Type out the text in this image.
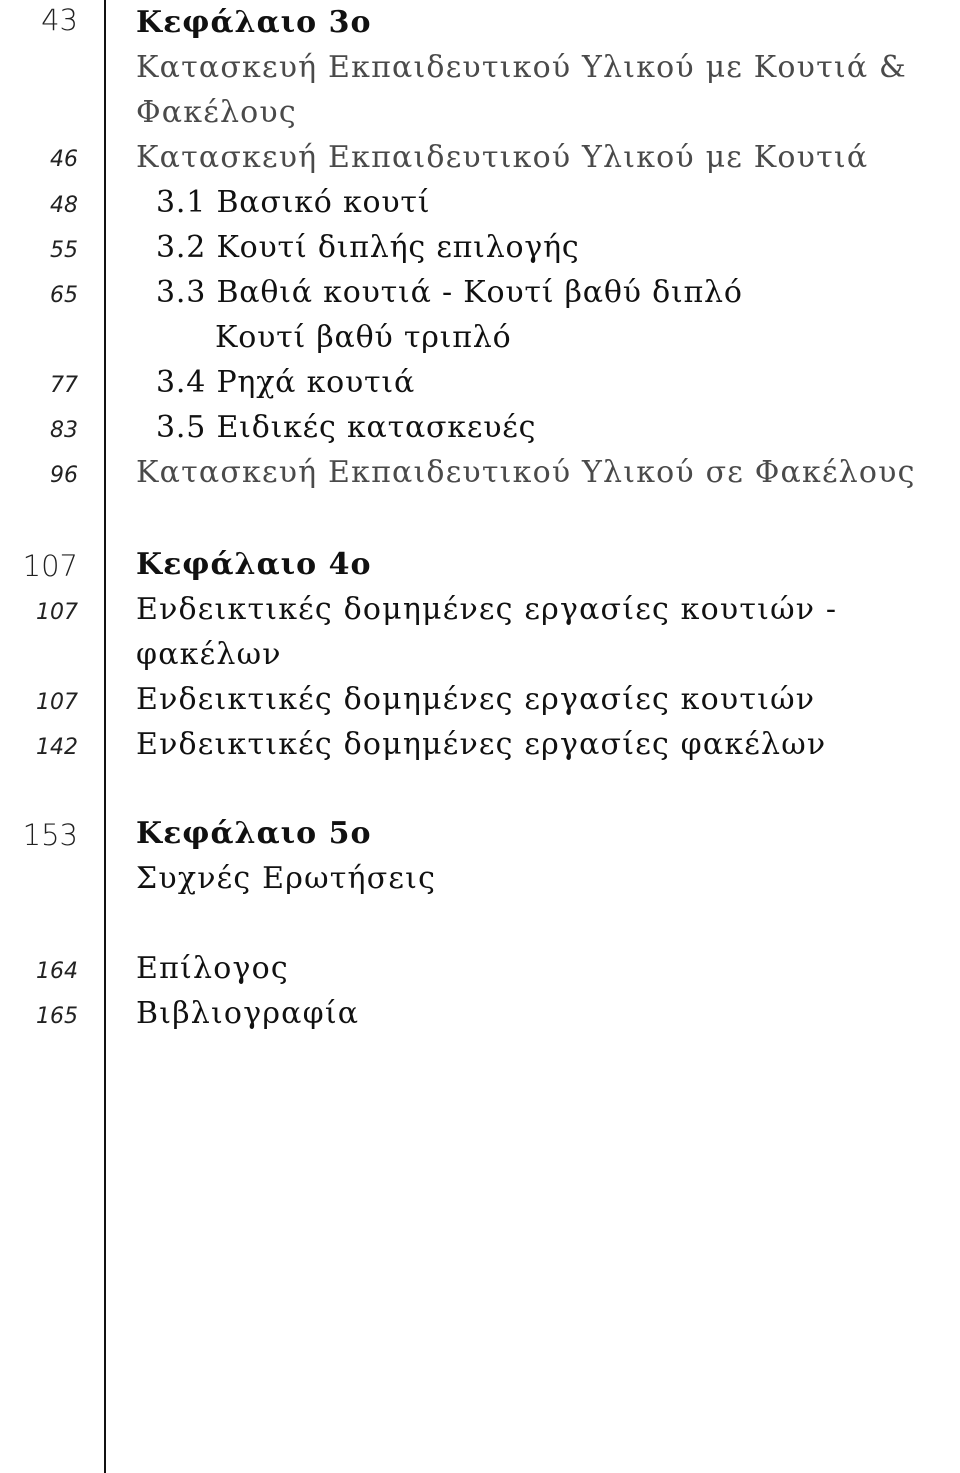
43 Κεφάλαιο 3ο
Κατασκευή Εκπαιδευτικού Υλικού με Κουτιά &
Φακέλους
46 Κατασκευή Εκπαιδευτικού Υλικού με Κουτιά
48	3.1 Βασικό κουτί
55	3.2 Κουτί διπλής επιλογής
65	3.3 Βαθιά κουτιά - Κουτί βαθύ διπλό
Κουτί βαθύ τριπλό
77	3.4 Ρηχά κουτιά
83	3.5 Ειδικές κατασκευές
96 Κατασκευή Εκπαιδευτικού Υλικού σε Φακέλους
107 Κεφάλαιο 4ο
107 Ενδεικτικές δομημένες εργασίες κουτιών -
φακέλων
107 Ενδεικτικές δομημένες εργασίες κουτιών
142 Ενδεικτικές δομημένες εργασίες φακέλων
153 Κεφάλαιο 5ο
Συχνές Ερωτήσεις
164 Επίλογος
165 Βιβλιογραφία
